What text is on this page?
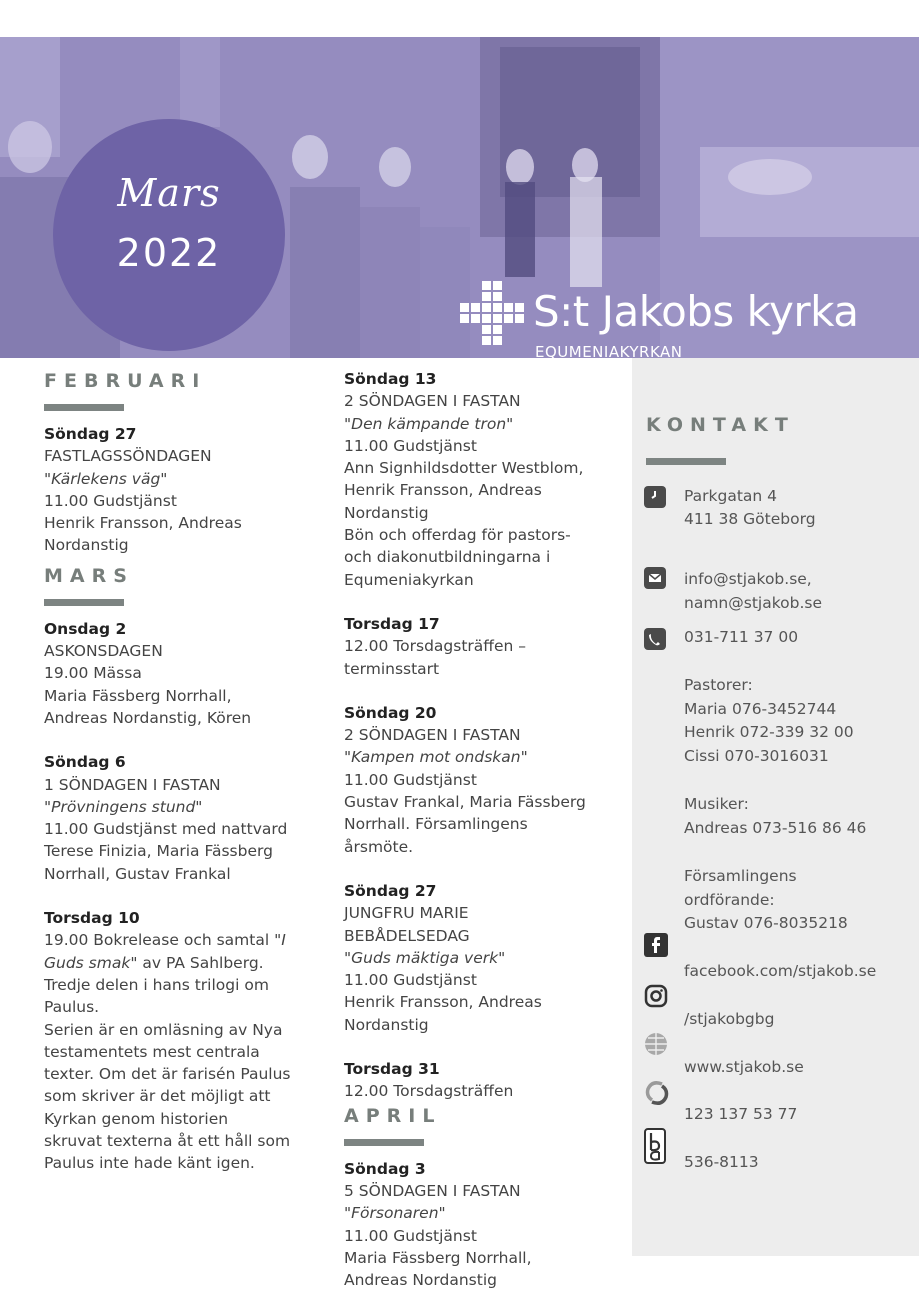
Mars
2022
S:t Jakobs kyrka
EQUMENIAKYRKAN
FEBRUARI
Söndag 27
FASTLAGSSÖNDAGEN
"Kärlekens väg"
11.00 Gudstjänst
Henrik Fransson, Andreas
Nordanstig
MARS
Onsdag 2
ASKONSDAGEN
19.00 Mässa
Maria Fässberg Norrhall,
Andreas Nordanstig, Kören
Söndag 6
1 SÖNDAGEN I FASTAN
"Prövningens stund"
11.00 Gudstjänst med nattvard
Terese Finizia, Maria Fässberg
Norrhall, Gustav Frankal
Torsdag 10
19.00 Bokrelease och samtal "I
Guds smak" av PA Sahlberg.
Tredje delen i hans trilogi om
Paulus.
Serien är en omläsning av Nya
testamentets mest centrala
texter. Om det är farisén Paulus
som skriver är det möjligt att
Kyrkan genom historien
skruvat texterna åt ett håll som
Paulus inte hade känt igen.
Söndag 13
2 SÖNDAGEN I FASTAN
"Den kämpande tron"
11.00 Gudstjänst
Ann Signhildsdotter Westblom,
Henrik Fransson, Andreas
Nordanstig
Bön och offerdag för pastors-
och diakonutbildningarna i
Equmeniakyrkan
Torsdag 17
12.00 Torsdagsträffen –
terminsstart
Söndag 20
2 SÖNDAGEN I FASTAN
"Kampen mot ondskan"
11.00 Gudstjänst
Gustav Frankal, Maria Fässberg
Norrhall. Församlingens
årsmöte.
Söndag 27
JUNGFRU MARIE
BEBÅDELSEDAG
"Guds mäktiga verk"
11.00 Gudstjänst
Henrik Fransson, Andreas
Nordanstig
Torsdag 31
12.00 Torsdagsträffen
APRIL
Söndag 3
5 SÖNDAGEN I FASTAN
"Försonaren"
11.00 Gudstjänst
Maria Fässberg Norrhall,
Andreas Nordanstig
KONTAKT
Parkgatan 4
411 38 Göteborg
info@stjakob.se,
namn@stjakob.se
031-711 37 00
Pastorer:
Maria 076-3452744
Henrik 072-339 32 00
Cissi 070-3016031
Musiker:
Andreas 073-516 86 46
Församlingens
ordförande:
Gustav 076-8035218
facebook.com/stjakob.se
/stjakobgbg
www.stjakob.se
123 137 53 77
536-8113
